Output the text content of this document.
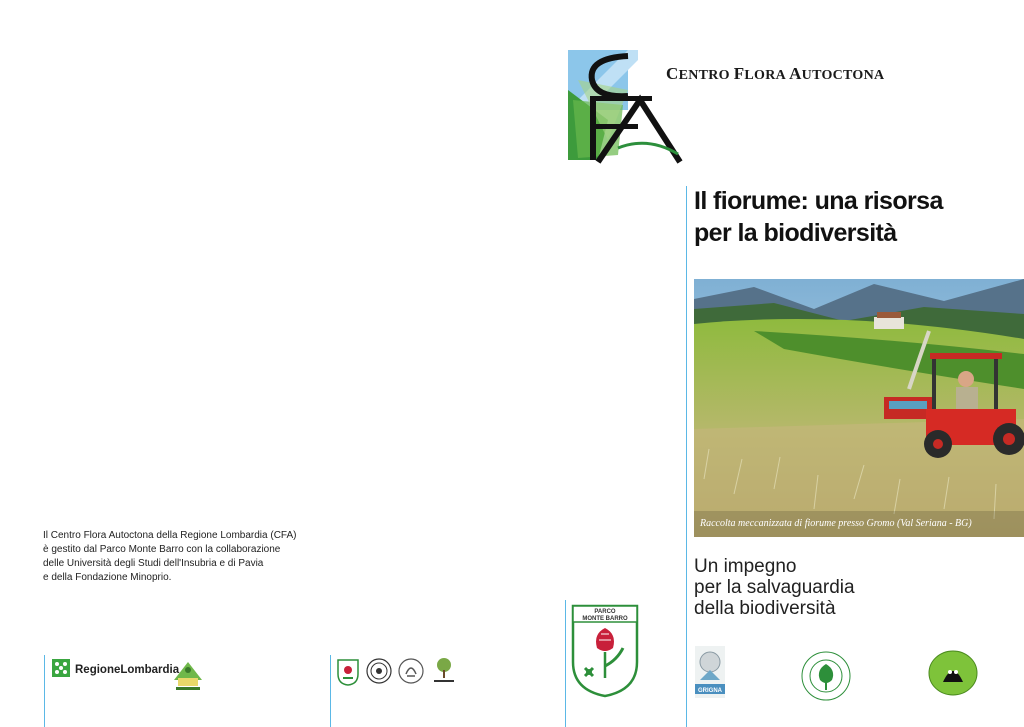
CENTRO FLORA AUTOCTONA
Il fiorume: una risorsa
per la biodiversità
Raccolta meccanizzata di fiorume presso Gromo (Val Seriana - BG)
Un impegno
per la salvaguardia
della biodiversità
Il Centro Flora Autoctona della Regione Lombardia (CFA)
è gestito dal Parco Monte Barro con la collaborazione
delle Università degli Studi dell'Insubria e di Pavia
e della Fondazione Minoprio.
RegioneLombardia
PARCO
MONTE BARRO
GRIGNA
